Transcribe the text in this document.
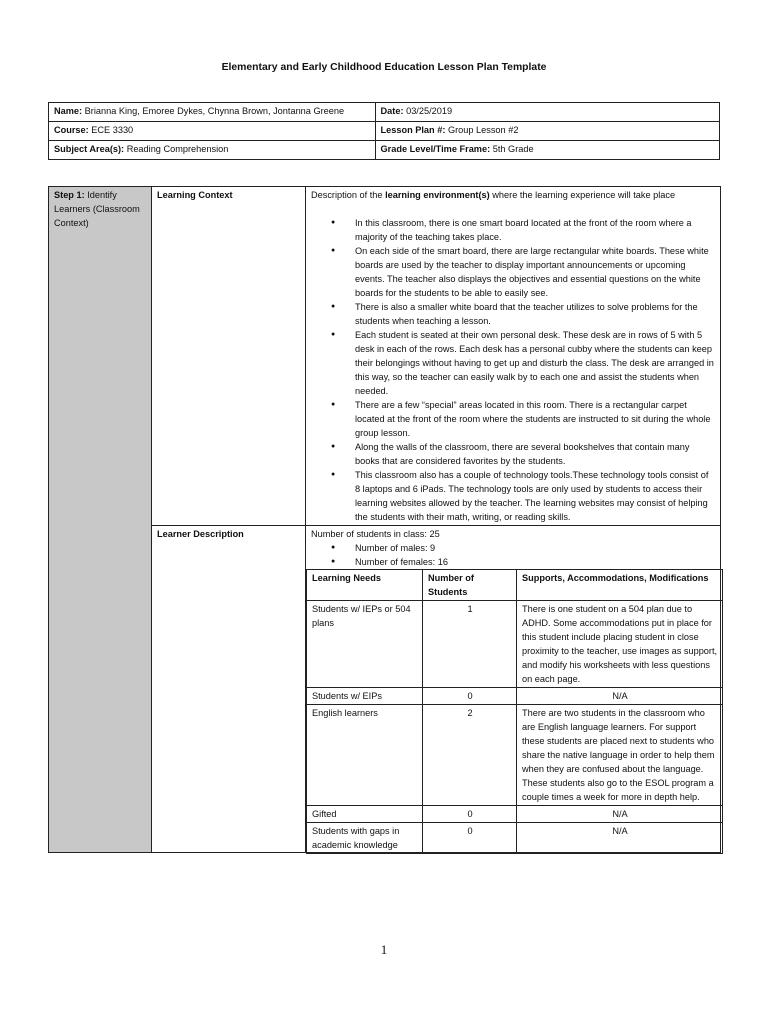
Elementary and Early Childhood Education Lesson Plan Template
Name: Brianna King, Emoree Dykes, Chynna Brown, Jontanna Greene	Date: 03/25/2019
Course: ECE 3330	Lesson Plan #: Group Lesson #2
Subject Area(s): Reading Comprehension	Grade Level/Time Frame: 5th Grade
Step 1: Identify Learners (Classroom Context)	Learning Context	Description of the learning environment(s) where the learning experience will take place
● In this classroom, there is one smart board located at the front of the room where a majority of the teaching takes place.
● On each side of the smart board, there are large rectangular white boards. These white boards are used by the teacher to display important announcements or upcoming events. The teacher also displays the objectives and essential questions on the white boards for the students to be able to easily see.
● There is also a smaller white board that the teacher utilizes to solve problems for the students when teaching a lesson.
● Each student is seated at their own personal desk. These desk are in rows of 5 with 5 desk in each of the rows. Each desk has a personal cubby where the students can keep their belongings without having to get up and disturb the class. The desk are arranged in this way, so the teacher can easily walk by to each one and assist the students when needed.
● There are a few “special” areas located in this room. There is a rectangular carpet located at the front of the room where the students are instructed to sit during the whole group lesson.
● Along the walls of the classroom, there are several bookshelves that contain many books that are considered favorites by the students.
● This classroom also has a couple of technology tools.These technology tools consist of 8 laptops and 6 iPads. The technology tools are only used by students to access their learning websites allowed by the teacher. The learning websites may consist of helping the students with their math, writing, or reading skills.

Learner Description	Number of students in class: 25
● Number of males: 9
● Number of females: 16
Learning Needs	Number of Students	Supports, Accommodations, Modifications
Students w/ IEPs or 504 plans	1	There is one student on a 504 plan due to ADHD. Some accommodations put in place for this student include placing student in close proximity to the teacher, use images as support, and modify his worksheets with less questions on each page.
Students w/ EIPs	0	N/A
English learners	2	There are two students in the classroom who are English language learners. For support these students are placed next to students who share the native language in order to help them when they are confused about the language. These students also go to the ESOL program a couple times a week for more in depth help.
Gifted	0	N/A
Students with gaps in academic knowledge	0	N/A
1
